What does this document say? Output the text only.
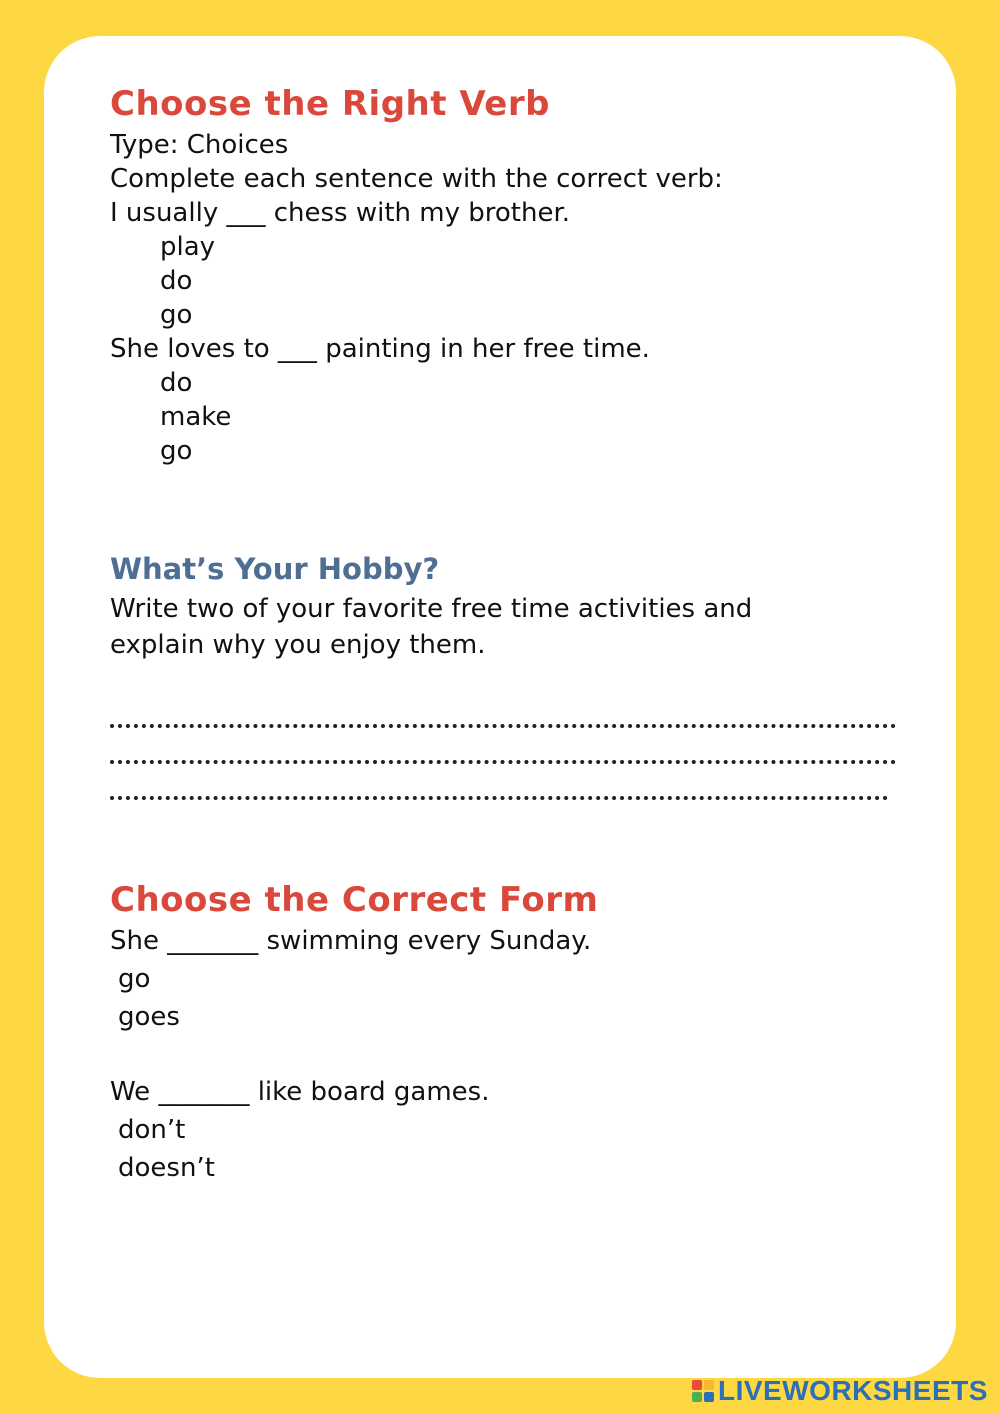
Choose the Right Verb
Type: Choices
Complete each sentence with the correct verb:
I usually ___ chess with my brother.
play
do
go
She loves to ___ painting in her free time.
do
make
go
What’s Your Hobby?
Write two of your favorite free time activities and
explain why you enjoy them.
Choose the Correct Form
She _______ swimming every Sunday.
go
goes
We _______ like board games.
don’t
doesn’t
LIVEWORKSHEETS
